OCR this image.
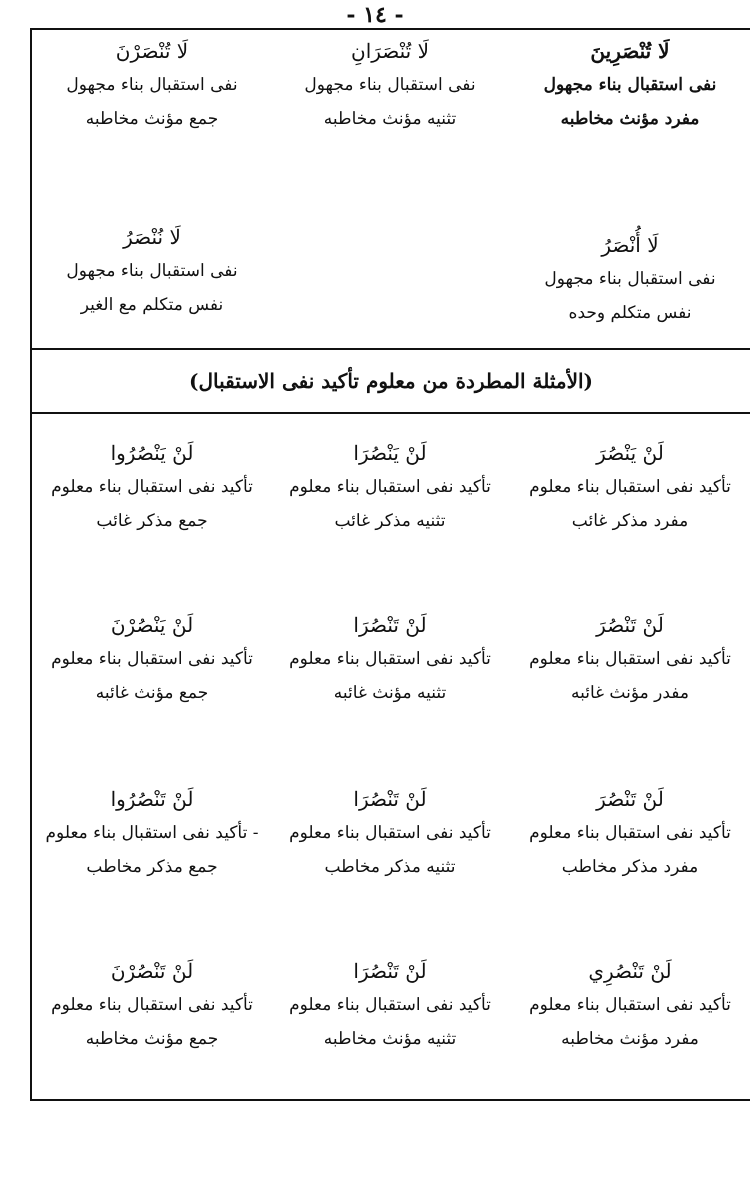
- ١٤ -
لَا تُنْصَرِينَ
نفی استقبال بناء مجهول
مفرد مؤنث مخاطبه
لَا تُنْصَرَانِ
نفی استقبال بناء مجهول
تثنیه مؤنث مخاطبه
لَا تُنْصَرْنَ
نفی استقبال بناء مجهول
جمع مؤنث مخاطبه
لَا أُنْصَرُ
نفی استقبال بناء مجهول
نفس متکلم وحده
لَا نُنْصَرُ
نفی استقبال بناء مجهول
نفس متکلم مع الغیر
(الأمثلة المطردة من معلوم تأكيد نفی الاستقبال)
لَنْ يَنْصُرَ
تأكيد نفی استقبال بناء معلوم
مفرد مذكر غائب
لَنْ يَنْصُرَا
تأكيد نفی استقبال بناء معلوم
تثنيه مذكر غائب
لَنْ يَنْصُرُوا
تأكيد نفی استقبال بناء معلوم
جمع مذكر غائب
لَنْ تَنْصُرَ
تأكيد نفی استقبال بناء معلوم
مفدر مؤنث غائبه
لَنْ تَنْصُرَا
تأكيد نفی استقبال بناء معلوم
تثنيه مؤنث غائبه
لَنْ يَنْصُرْنَ
تأكيد نفی استقبال بناء معلوم
جمع مؤنث غائبه
لَنْ تَنْصُرَ
تأكيد نفی استقبال بناء معلوم
مفرد مذكر مخاطب
لَنْ تَنْصُرَا
تأكيد نفی استقبال بناء معلوم
تثنيه مذكر مخاطب
لَنْ تَنْصُرُوا
- تأكيد نفی استقبال بناء معلوم
جمع مذكر مخاطب
لَنْ تَنْصُرِي
تأكيد نفی استقبال بناء معلوم
مفرد مؤنث مخاطبه
لَنْ تَنْصُرَا
تأكيد نفی استقبال بناء معلوم
تثنيه مؤنث مخاطبه
لَنْ تَنْصُرْنَ
تأكيد نفی استقبال بناء معلوم
جمع مؤنث مخاطبه
